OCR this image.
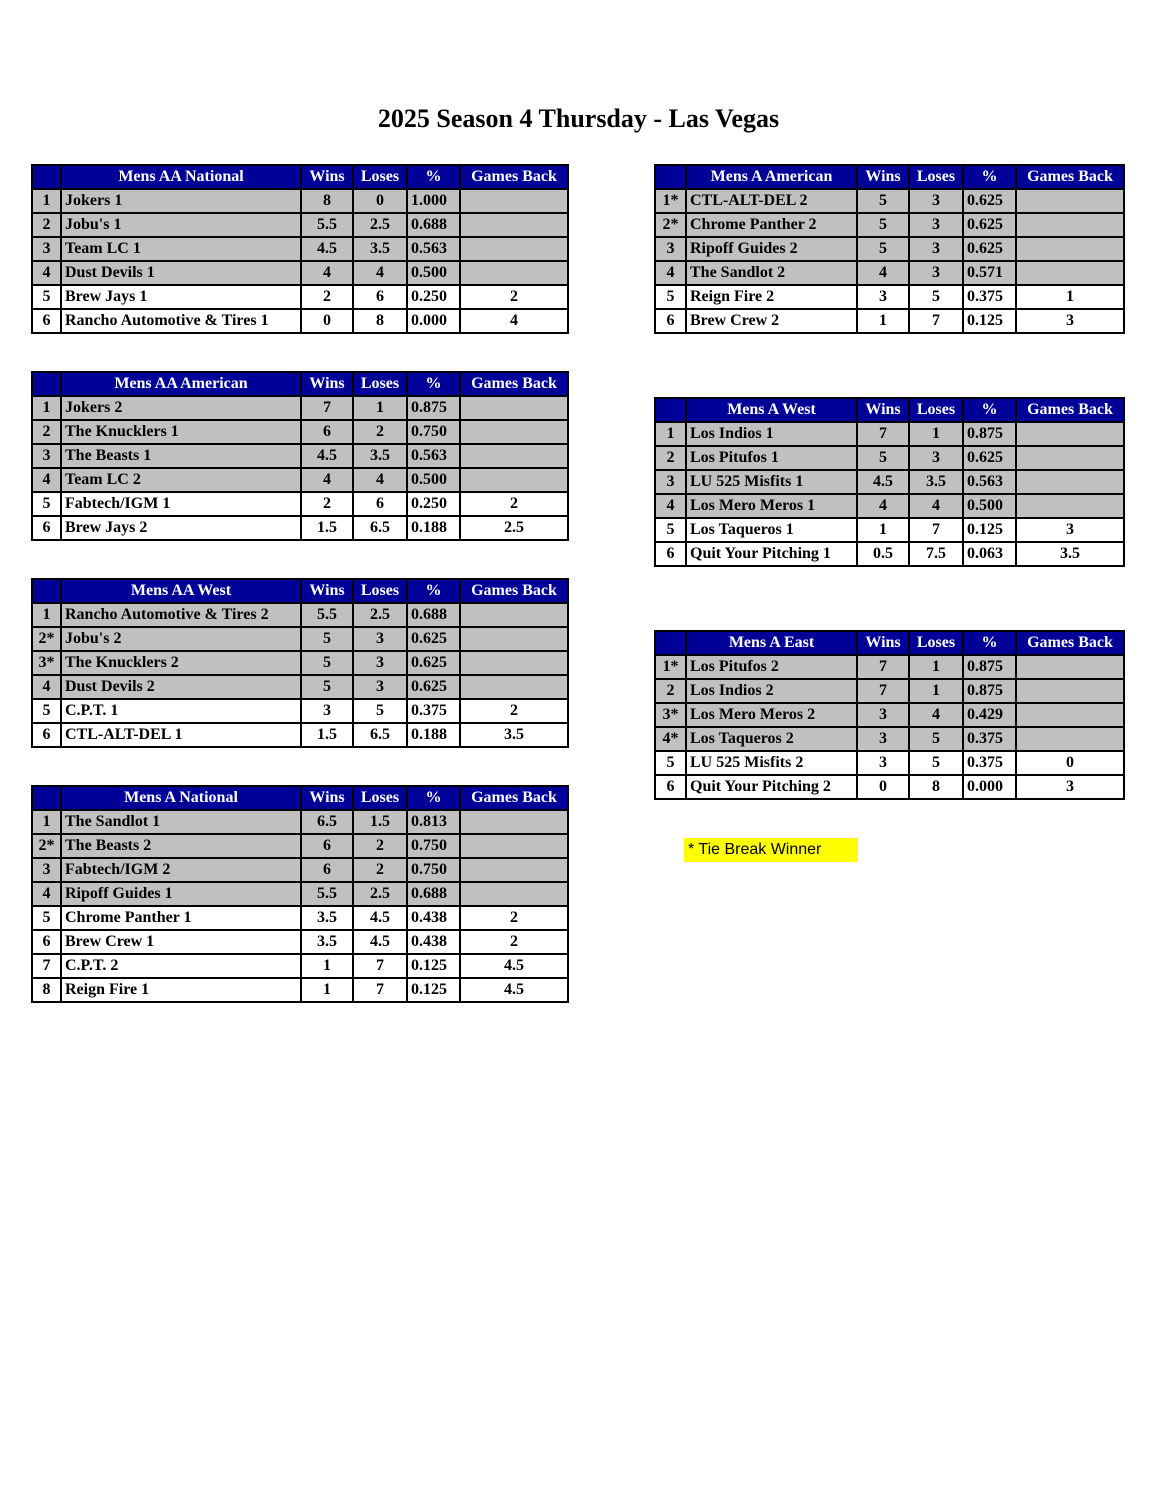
2025 Season 4 Thursday - Las Vegas
	Mens AA National	Wins	Loses	%	Games Back
1	Jokers 1	8	0	1.000	
2	Jobu's 1	5.5	2.5	0.688	
3	Team LC 1	4.5	3.5	0.563	
4	Dust Devils 1	4	4	0.500	
5	Brew Jays 1	2	6	0.250	2
6	Rancho Automotive & Tires 1	0	8	0.000	4
	Mens AA American	Wins	Loses	%	Games Back
1	Jokers 2	7	1	0.875	
2	The Knucklers 1	6	2	0.750	
3	The Beasts 1	4.5	3.5	0.563	
4	Team LC 2	4	4	0.500	
5	Fabtech/IGM 1	2	6	0.250	2
6	Brew Jays 2	1.5	6.5	0.188	2.5
	Mens AA West	Wins	Loses	%	Games Back
1	Rancho Automotive & Tires 2	5.5	2.5	0.688	
2*	Jobu's 2	5	3	0.625	
3*	The Knucklers 2	5	3	0.625	
4	Dust Devils 2	5	3	0.625	
5	C.P.T. 1	3	5	0.375	2
6	CTL-ALT-DEL 1	1.5	6.5	0.188	3.5
	Mens A National	Wins	Loses	%	Games Back
1	The Sandlot 1	6.5	1.5	0.813	
2*	The Beasts 2	6	2	0.750	
3	Fabtech/IGM 2	6	2	0.750	
4	Ripoff Guides 1	5.5	2.5	0.688	
5	Chrome Panther 1	3.5	4.5	0.438	2
6	Brew Crew 1	3.5	4.5	0.438	2
7	C.P.T. 2	1	7	0.125	4.5
8	Reign Fire 1	1	7	0.125	4.5
	Mens A American	Wins	Loses	%	Games Back
1*	CTL-ALT-DEL 2	5	3	0.625	
2*	Chrome Panther 2	5	3	0.625	
3	Ripoff Guides 2	5	3	0.625	
4	The Sandlot 2	4	3	0.571	
5	Reign Fire 2	3	5	0.375	1
6	Brew Crew 2	1	7	0.125	3
	Mens A West	Wins	Loses	%	Games Back
1	Los Indios 1	7	1	0.875	
2	Los Pitufos 1	5	3	0.625	
3	LU 525 Misfits 1	4.5	3.5	0.563	
4	Los Mero Meros 1	4	4	0.500	
5	Los Taqueros 1	1	7	0.125	3
6	Quit Your Pitching 1	0.5	7.5	0.063	3.5
	Mens A East	Wins	Loses	%	Games Back
1*	Los Pitufos 2	7	1	0.875	
2	Los Indios 2	7	1	0.875	
3*	Los Mero Meros 2	3	4	0.429	
4*	Los Taqueros 2	3	5	0.375	
5	LU 525 Misfits 2	3	5	0.375	0
6	Quit Your Pitching 2	0	8	0.000	3
* Tie Break Winner
